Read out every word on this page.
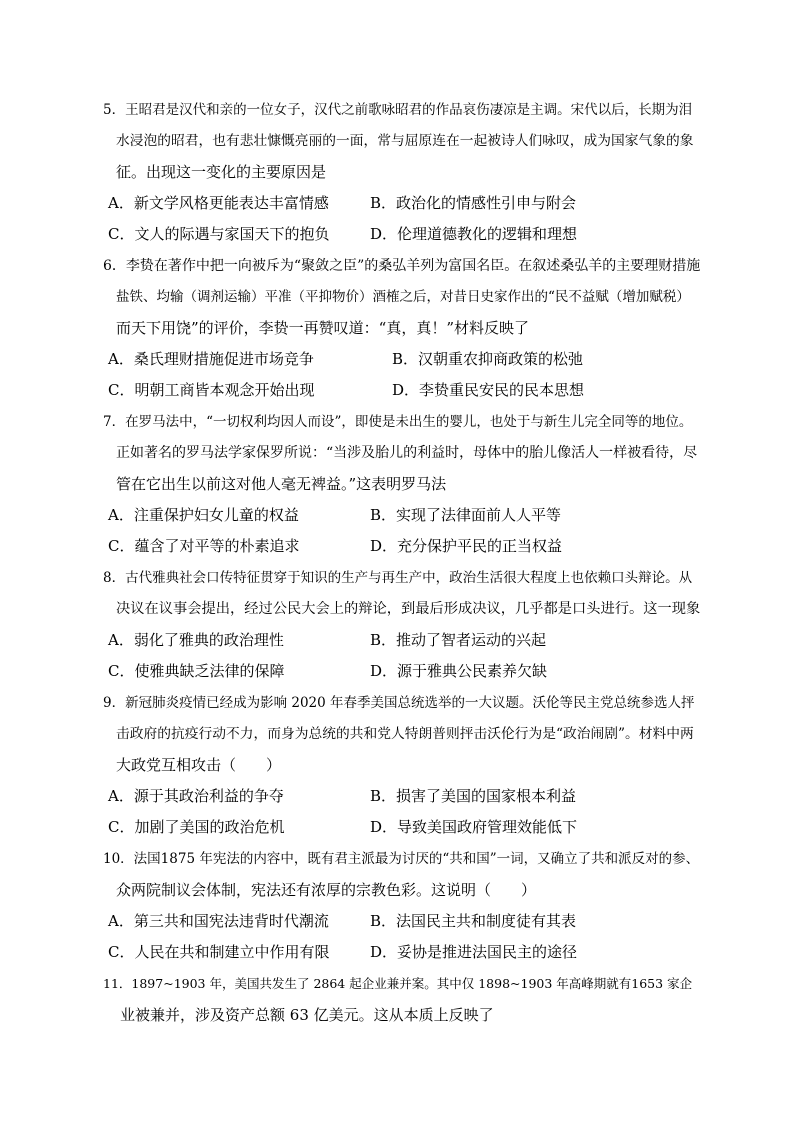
5．王昭君是汉代和亲的一位女子，汉代之前歌咏昭君的作品哀伤凄凉是主调。宋代以后，长期为泪
水浸泡的昭君，也有悲壮慷慨亮丽的一面，常与屈原连在一起被诗人们咏叹，成为国家气象的象
征。出现这一变化的主要原因是
A．新文学风格更能表达丰富情感	B．政治化的情感性引申与附会
C．文人的际遇与家国天下的抱负	D．伦理道德教化的逻辑和理想
6．李贽在著作中把一向被斥为“聚敛之臣”的桑弘羊列为富国名臣。在叙述桑弘羊的主要理财措施
盐铁、均输（调剂运输）平准（平抑物价）酒榷之后，对昔日史家作出的“民不益赋（增加赋税）
而天下用饶”的评价，李贽一再赞叹道：“真，真！”材料反映了
A．桑氏理财措施促进市场竞争	B．汉朝重农抑商政策的松弛
C．明朝工商皆本观念开始出现	D．李贽重民安民的民本思想
7．在罗马法中，“一切权利均因人而设”，即使是未出生的婴儿，也处于与新生儿完全同等的地位。
正如著名的罗马法学家保罗所说：“当涉及胎儿的利益时，母体中的胎儿像活人一样被看待，尽
管在它出生以前这对他人毫无裨益。”这表明罗马法
A．注重保护妇女儿童的权益	B．实现了法律面前人人平等
C．蕴含了对平等的朴素追求	D．充分保护平民的正当权益
8．古代雅典社会口传特征贯穿于知识的生产与再生产中，政治生活很大程度上也依赖口头辩论。从
决议在议事会提出，经过公民大会上的辩论，到最后形成决议，几乎都是口头进行。这一现象
A．弱化了雅典的政治理性	B．推动了智者运动的兴起
C．使雅典缺乏法律的保障	D．源于雅典公民素养欠缺
9．新冠肺炎疫情已经成为影响 2020 年春季美国总统选举的一大议题。沃伦等民主党总统参选人抨
击政府的抗疫行动不力，而身为总统的共和党人特朗普则抨击沃伦行为是“政治闹剧”。材料中两
大政党互相攻击（　　）
A．源于其政治利益的争夺	B．损害了美国的国家根本利益
C．加剧了美国的政治危机	D．导致美国政府管理效能低下
10．法国1875 年宪法的内容中，既有君主派最为讨厌的“共和国”一词，又确立了共和派反对的参、
众两院制议会体制，宪法还有浓厚的宗教色彩。这说明（　　）
A．第三共和国宪法违背时代潮流	B．法国民主共和制度徒有其表
C．人民在共和制建立中作用有限	D．妥协是推进法国民主的途径
11．1897~1903 年，美国共发生了 2864 起企业兼并案。其中仅 1898~1903 年高峰期就有1653 家企
业被兼并，涉及资产总额 63 亿美元。这从本质上反映了
